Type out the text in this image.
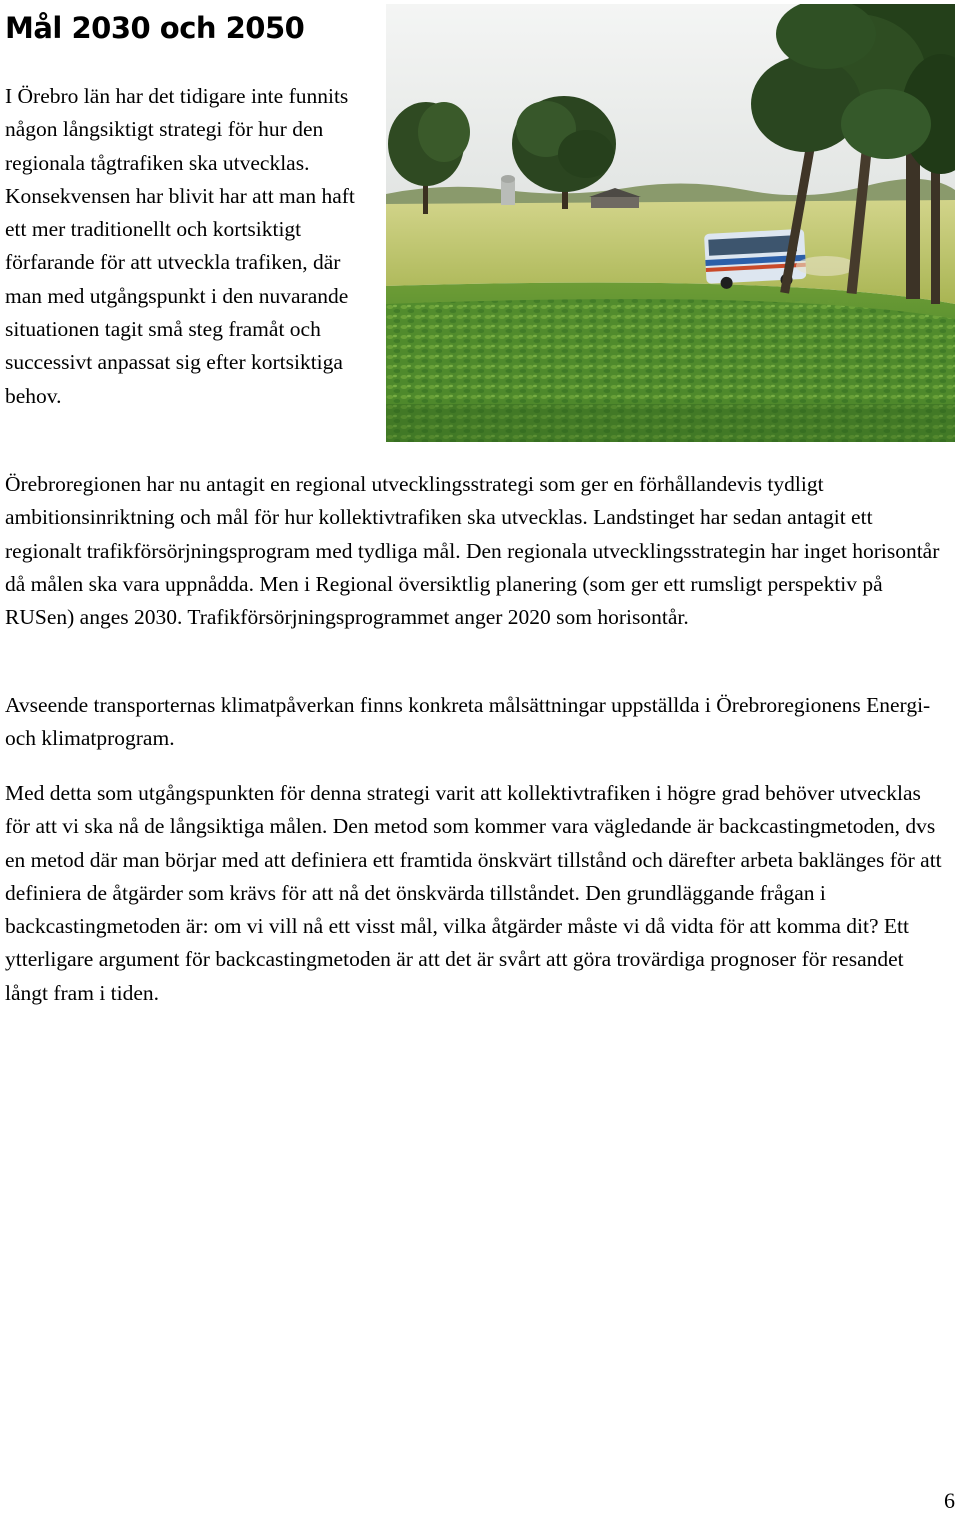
Mål 2030 och 2050

I Örebro län har det tidigare inte funnits någon långsiktigt strategi för hur den regionala tågtrafiken ska utvecklas. Konsekvensen har blivit har att man haft ett mer traditionellt och kortsiktigt förfarande för att utveckla trafiken, där man med utgångspunkt i den nuvarande situationen tagit små steg framåt och successivt anpassat sig efter kortsiktiga behov.

Örebroregionen har nu antagit en regional utvecklingsstrategi som ger en förhållandevis tydligt ambitionsinriktning och mål för hur kollektivtrafiken ska utvecklas. Landstinget har sedan antagit ett regionalt trafikförsörjningsprogram med tydliga mål. Den regionala utvecklingsstrategin har inget horisontår då målen ska vara uppnådda. Men i Regional översiktlig planering (som ger ett rumsligt perspektiv på RUSen) anges 2030. Trafikförsörjningsprogrammet anger 2020 som horisontår.

Avseende transporternas klimatpåverkan finns konkreta målsättningar uppställda i Örebroregionens Energi- och klimatprogram.

Med detta som utgångspunkten för denna strategi varit att kollektivtrafiken i högre grad behöver utvecklas för att vi ska nå de långsiktiga målen. Den metod som kommer vara vägledande är backcastingmetoden, dvs en metod där man börjar med att definiera ett framtida önskvärt tillstånd och därefter arbeta baklänges för att definiera de åtgärder som krävs för att nå det önskvärda tillståndet. Den grundläggande frågan i backcastingmetoden är: om vi vill nå ett visst mål, vilka åtgärder måste vi då vidta för att komma dit? Ett ytterligare argument för backcastingmetoden är att det är svårt att göra trovärdiga prognoser för resandet långt fram i tiden.

6
